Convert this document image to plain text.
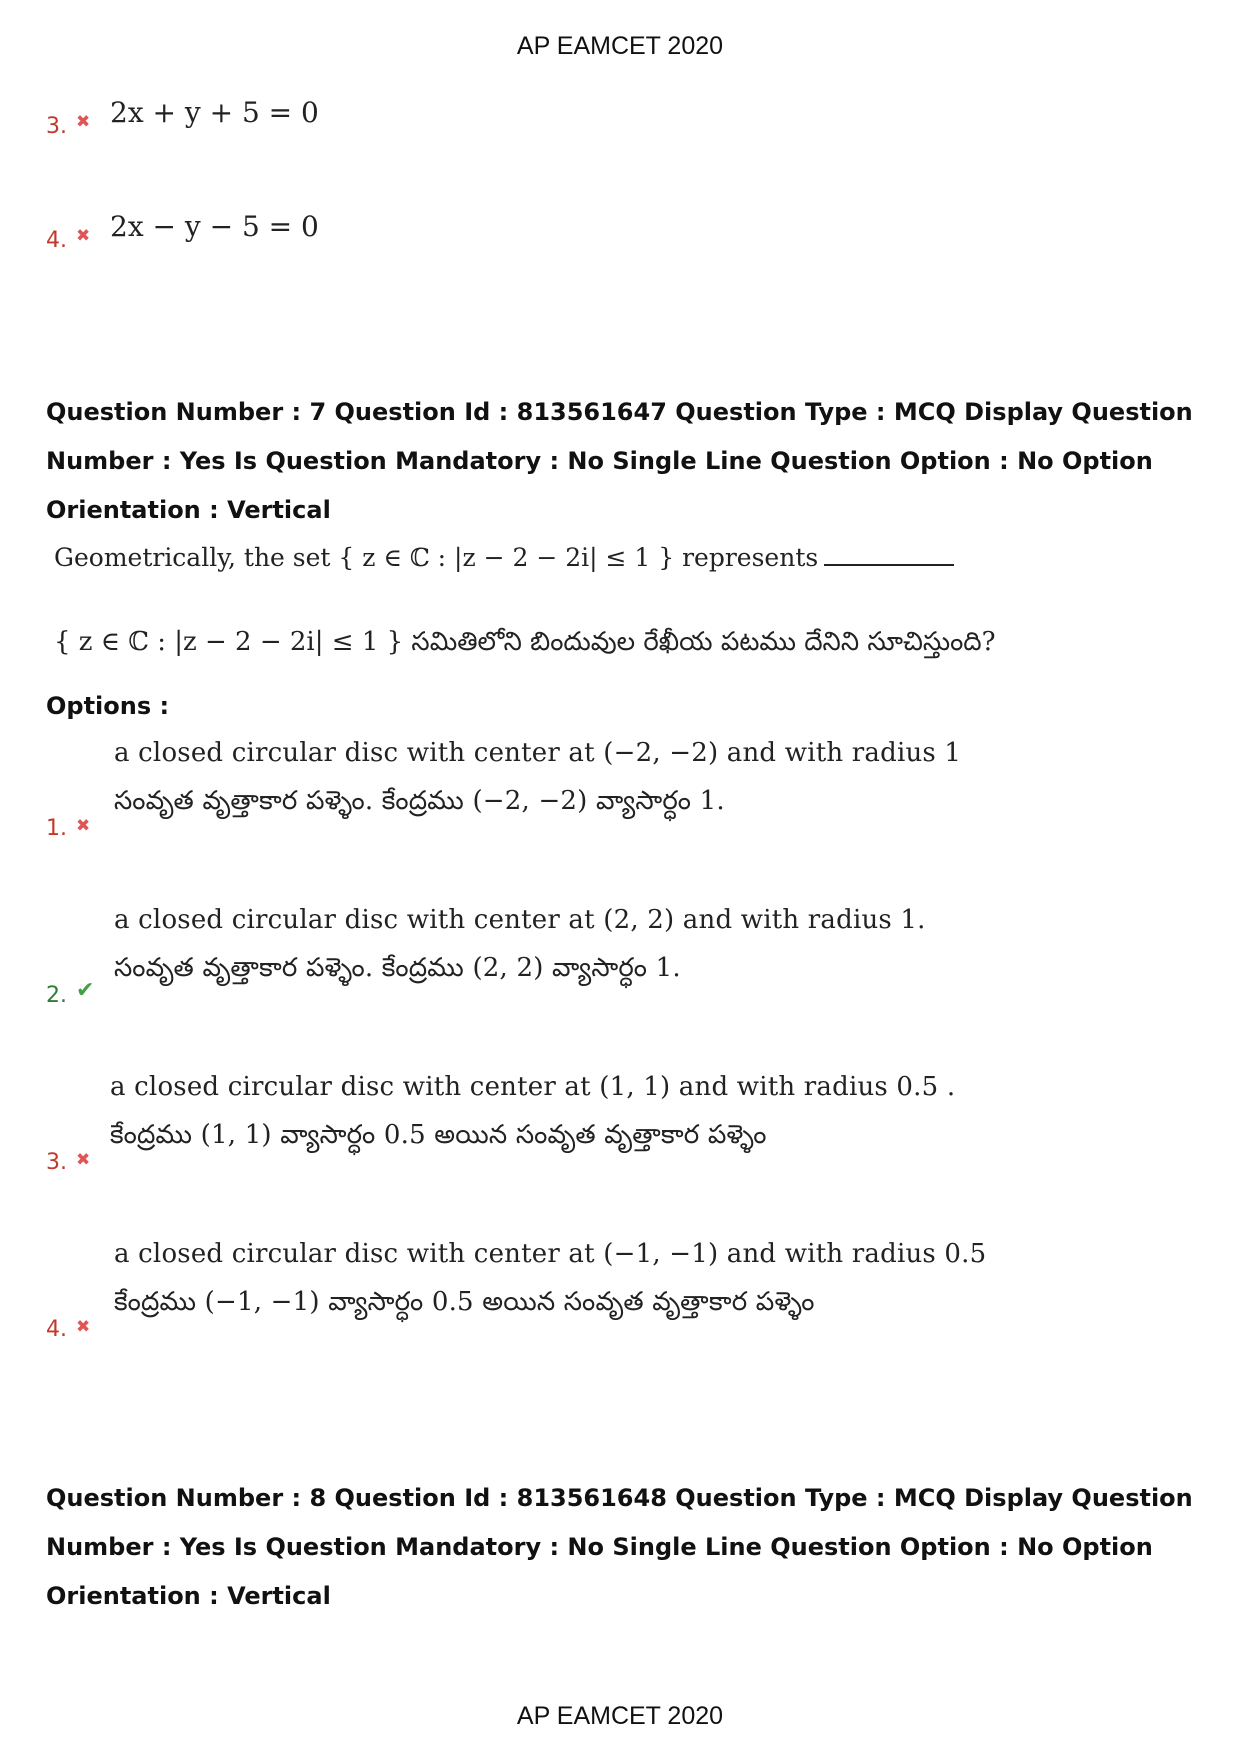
AP EAMCET 2020
3. ✖ 2x + y + 5 = 0
4. ✖ 2x − y − 5 = 0
Question Number : 7 Question Id : 813561647 Question Type : MCQ Display Question Number : Yes Is Question Mandatory : No Single Line Question Option : No Option Orientation : Vertical
Geometrically, the set { z ∈ ℂ : |z − 2 − 2i| ≤ 1 } represents
{ z ∈ ℂ : |z − 2 − 2i| ≤ 1 } సమితిలోని బిందువుల రేఖీయ పటము దేనిని సూచిస్తుంది?
Options :
a closed circular disc with center at (−2, −2) and with radius 1
సంవృత వృత్తాకార పళ్ళెం. కేంద్రము (−2, −2) వ్యాసార్ధం 1.
1. ✖
a closed circular disc with center at (2, 2) and with radius 1.
సంవృత వృత్తాకార పళ్ళెం. కేంద్రము (2, 2) వ్యాసార్ధం 1.
2. ✔
a closed circular disc with center at (1, 1) and with radius 0.5 .
కేంద్రము (1, 1) వ్యాసార్ధం 0.5 అయిన సంవృత వృత్తాకార పళ్ళెం
3. ✖
a closed circular disc with center at (−1, −1) and with radius 0.5
కేంద్రము (−1, −1) వ్యాసార్ధం 0.5 అయిన సంవృత వృత్తాకార పళ్ళెం
4. ✖
Question Number : 8 Question Id : 813561648 Question Type : MCQ Display Question Number : Yes Is Question Mandatory : No Single Line Question Option : No Option Orientation : Vertical
AP EAMCET 2020
